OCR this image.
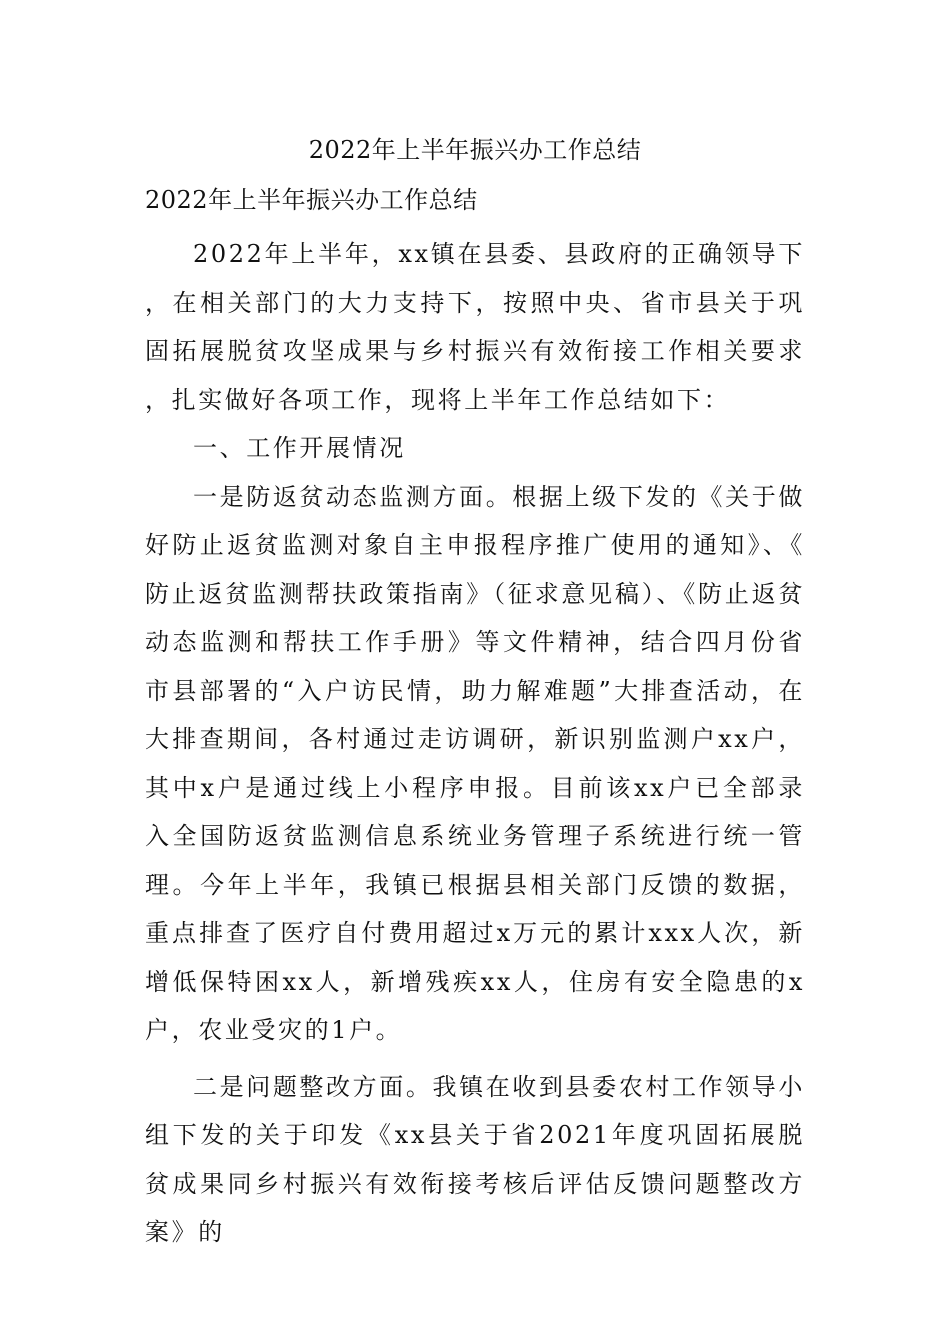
2022年上半年振兴办工作总结
2022年上半年振兴办工作总结

2022年上半年，xx镇在县委、县政府的正确领导下，在相关部门的大力支持下，按照中央、省市县关于巩固拓展脱贫攻坚成果与乡村振兴有效衔接工作相关要求，扎实做好各项工作，现将上半年工作总结如下：

一、工作开展情况

一是防返贫动态监测方面。根据上级下发的《关于做好防止返贫监测对象自主申报程序推广使用的通知》、《防止返贫监测帮扶政策指南》（征求意见稿）、《防止返贫动态监测和帮扶工作手册》等文件精神，结合四月份省市县部署的“入户访民情，助力解难题”大排查活动，在大排查期间，各村通过走访调研，新识别监测户xx户，其中x户是通过线上小程序申报。目前该xx户已全部录入全国防返贫监测信息系统业务管理子系统进行统一管理。今年上半年，我镇已根据县相关部门反馈的数据，重点排查了医疗自付费用超过x万元的累计xxx人次，新增低保特困xx人，新增残疾xx人，住房有安全隐患的x户，农业受灾的1户。

二是问题整改方面。我镇在收到县委农村工作领导小组下发的关于印发《xx县关于省2021年度巩固拓展脱贫成果同乡村振兴有效衔接考核后评估反馈问题整改方案》的
